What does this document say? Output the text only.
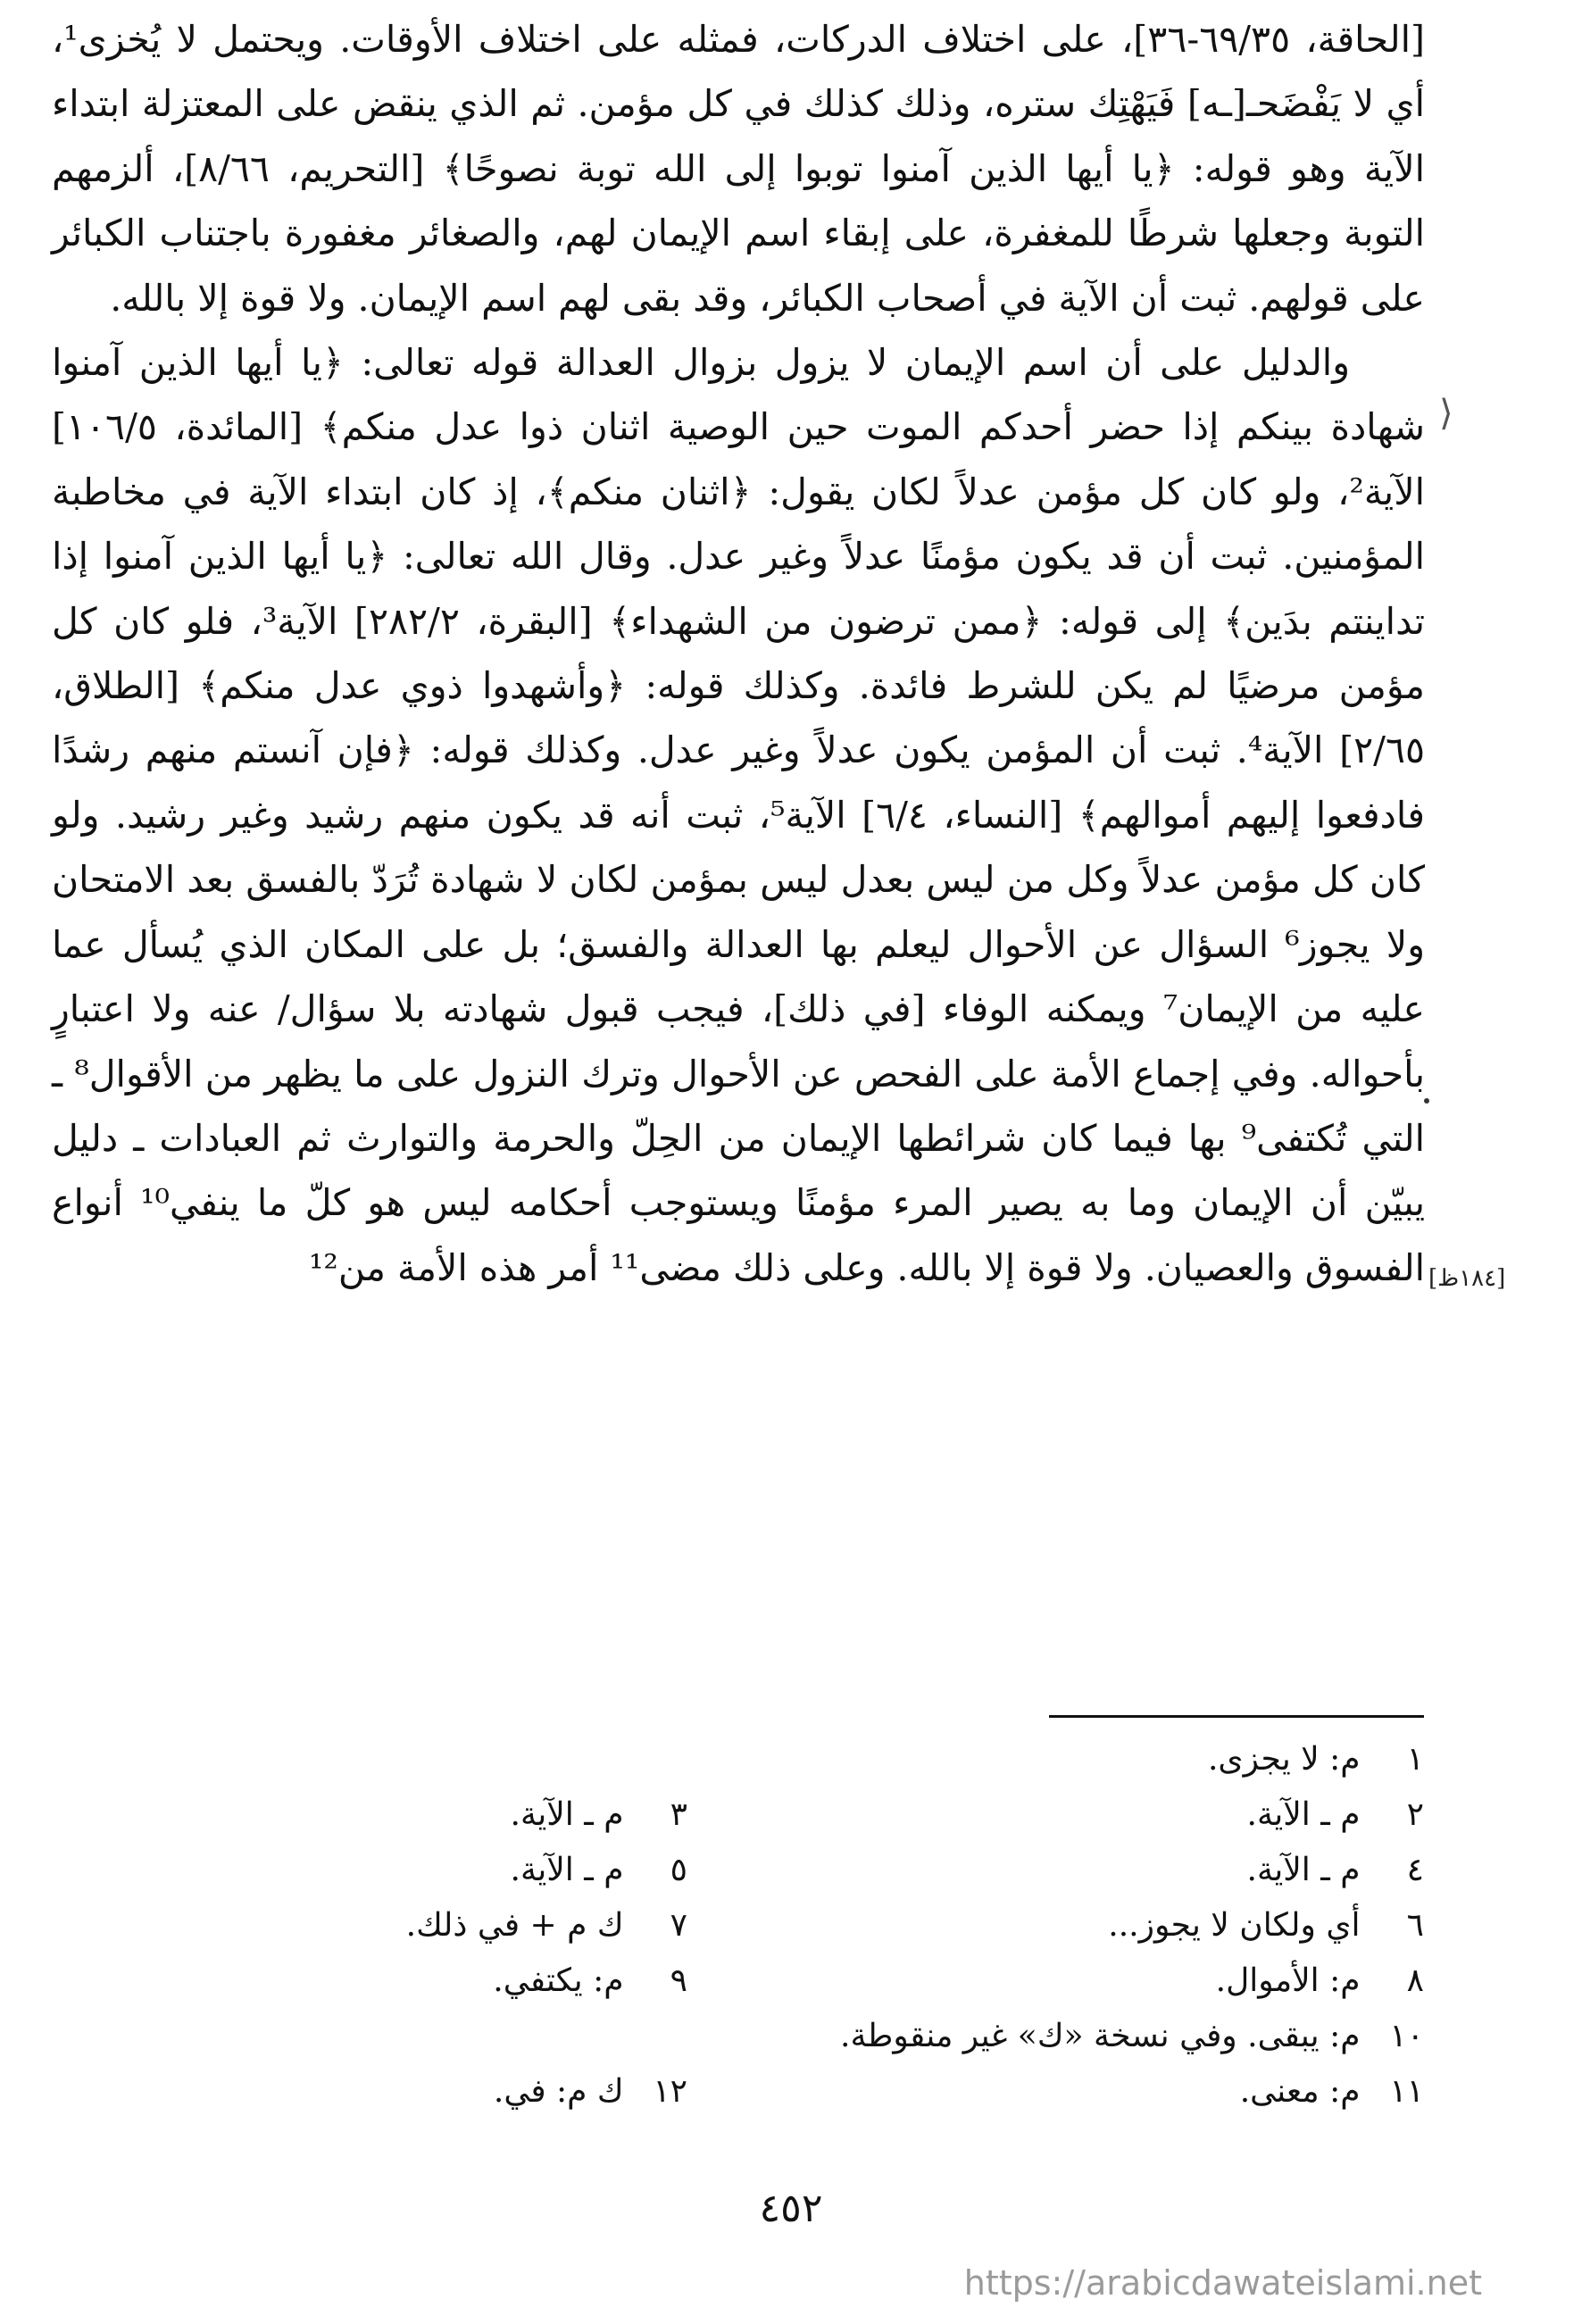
[الحاقة، ٦٩/٣٥-٣٦]، على اختلاف الدركات، فمثله على اختلاف الأوقات. ويحتمل لا يُخزى¹، أي لا يَفْضَحـ[ـه] فَيَهْتِك ستره، وذلك كذلك في كل مؤمن. ثم الذي ينقض على المعتزلة ابتداء الآية وهو قوله: ﴿يا أيها الذين آمنوا توبوا إلى الله توبة نصوحًا﴾ [التحريم، ٨/٦٦]، ألزمهم التوبة وجعلها شرطًا للمغفرة، على إبقاء اسم الإيمان لهم، والصغائر مغفورة باجتناب الكبائر على قولهم. ثبت أن الآية في أصحاب الكبائر، وقد بقى لهم اسم الإيمان. ولا قوة إلا بالله.

والدليل على أن اسم الإيمان لا يزول بزوال العدالة قوله تعالى: ﴿يا أيها الذين آمنوا شهادة بينكم إذا حضر أحدكم الموت حين الوصية اثنان ذوا عدل منكم﴾ [المائدة، ١٠٦/٥] الآية²، ولو كان كل مؤمن عدلاً لكان يقول: ﴿اثنان منكم﴾، إذ كان ابتداء الآية في مخاطبة المؤمنين. ثبت أن قد يكون مؤمنًا عدلاً وغير عدل. وقال الله تعالى: ﴿يا أيها الذين آمنوا إذا تداينتم بدَين﴾ إلى قوله: ﴿ممن ترضون من الشهداء﴾ [البقرة، ٢٨٢/٢] الآية³، فلو كان كل مؤمن مرضيًا لم يكن للشرط فائدة. وكذلك قوله: ﴿وأشهدوا ذوي عدل منكم﴾ [الطلاق، ٢/٦٥] الآية⁴. ثبت أن المؤمن يكون عدلاً وغير عدل. وكذلك قوله: ﴿فإن آنستم منهم رشدًا فادفعوا إليهم أموالهم﴾ [النساء، ٦/٤] الآية⁵، ثبت أنه قد يكون منهم رشيد وغير رشيد. ولو كان كل مؤمن عدلاً وكل من ليس بعدل ليس بمؤمن لكان لا شهادة تُرَدّ بالفسق بعد الامتحان ولا يجوز⁶ السؤال عن الأحوال ليعلم بها العدالة والفسق؛ بل على المكان الذي يُسأل عما عليه من الإيمان⁷ ويمكنه الوفاء [في ذلك]، فيجب قبول شهادته بلا سؤال/ عنه ولا اعتبارٍ بأحواله. وفي إجماع الأمة على الفحص عن الأحوال وترك النزول على ما يظهر من الأقوال⁸ ـ التي تُكتفى⁹ بها فيما كان شرائطها الإيمان من الحِلّ والحرمة والتوارث ثم العبادات ـ دليل يبيّن أن الإيمان وما به يصير المرء مؤمنًا ويستوجب أحكامه ليس هو كلّ ما ينفي¹⁰ أنواع الفسوق والعصيان. ولا قوة إلا بالله. وعلى ذلك مضى¹¹ أمر هذه الأمة من¹²

⟨
[١٨٤ظ]
١ م: لا يجزى.
٢ م ـ الآية.
٤ م ـ الآية.
٦ أي ولكان لا يجوز...
٨ م: الأموال.
١٠ م: يبقى. وفي نسخة «ك» غير منقوطة.
١١ م: معنى.
٣ م ـ الآية.
٥ م ـ الآية.
٧ ك م + في ذلك.
٩ م: يكتفي.
١٢ ك م: في.
٤٥٢
https://arabicdawateislami.net
